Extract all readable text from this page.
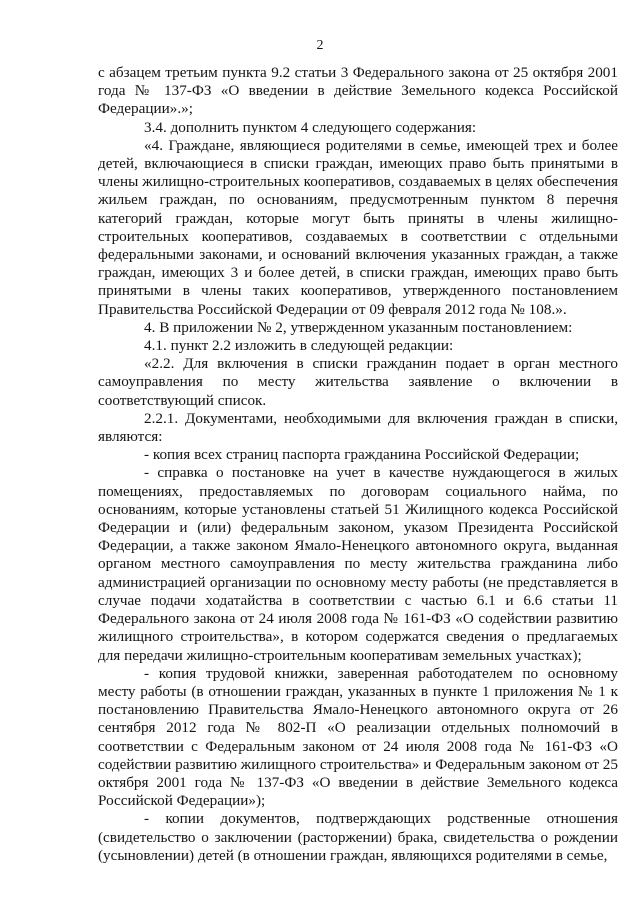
2

с абзацем третьим пункта 9.2 статьи 3 Федерального закона от 25 октября 2001 года № 137-ФЗ «О введении в действие Земельного кодекса Российской Федерации».»;

3.4. дополнить пунктом 4 следующего содержания:

«4. Граждане, являющиеся родителями в семье, имеющей трех и более детей, включающиеся в списки граждан, имеющих право быть принятыми в члены жилищно-строительных кооперативов, создаваемых в целях обеспечения жильем граждан, по основаниям, предусмотренным пунктом 8 перечня категорий граждан, которые могут быть приняты в члены жилищно-строительных кооперативов, создаваемых в соответствии с отдельными федеральными законами, и оснований включения указанных граждан, а также граждан, имеющих 3 и более детей, в списки граждан, имеющих право быть принятыми в члены таких кооперативов, утвержденного постановлением Правительства Российской Федерации от 09 февраля 2012 года № 108.».

4. В приложении № 2, утвержденном указанным постановлением:

4.1. пункт 2.2 изложить в следующей редакции:

«2.2. Для включения в списки гражданин подает в орган местного самоуправления по месту жительства заявление о включении в соответствующий список.

2.2.1. Документами, необходимыми для включения граждан в списки, являются:

- копия всех страниц паспорта гражданина Российской Федерации;

- справка о постановке на учет в качестве нуждающегося в жилых помещениях, предоставляемых по договорам социального найма, по основаниям, которые установлены статьей 51 Жилищного кодекса Российской Федерации и (или) федеральным законом, указом Президента Российской Федерации, а также законом Ямало-Ненецкого автономного округа, выданная органом местного самоуправления по месту жительства гражданина либо администрацией организации по основному месту работы (не представляется в случае подачи ходатайства в соответствии с частью 6.1 и 6.6 статьи 11 Федерального закона от 24 июля 2008 года № 161-ФЗ «О содействии развитию жилищного строительства», в котором содержатся сведения о предлагаемых для передачи жилищно-строительным кооперативам земельных участках);

- копия трудовой книжки, заверенная работодателем по основному месту работы (в отношении граждан, указанных в пункте 1 приложения № 1 к постановлению Правительства Ямало-Ненецкого автономного округа от 26 сентября 2012 года № 802-П «О реализации отдельных полномочий в соответствии с Федеральным законом от 24 июля 2008 года № 161-ФЗ «О содействии развитию жилищного строительства» и Федеральным законом от 25 октября 2001 года № 137-ФЗ «О введении в действие Земельного кодекса Российской Федерации»);

- копии документов, подтверждающих родственные отношения (свидетельство о заключении (расторжении) брака, свидетельства о рождении (усыновлении) детей (в отношении граждан, являющихся родителями в семье,
